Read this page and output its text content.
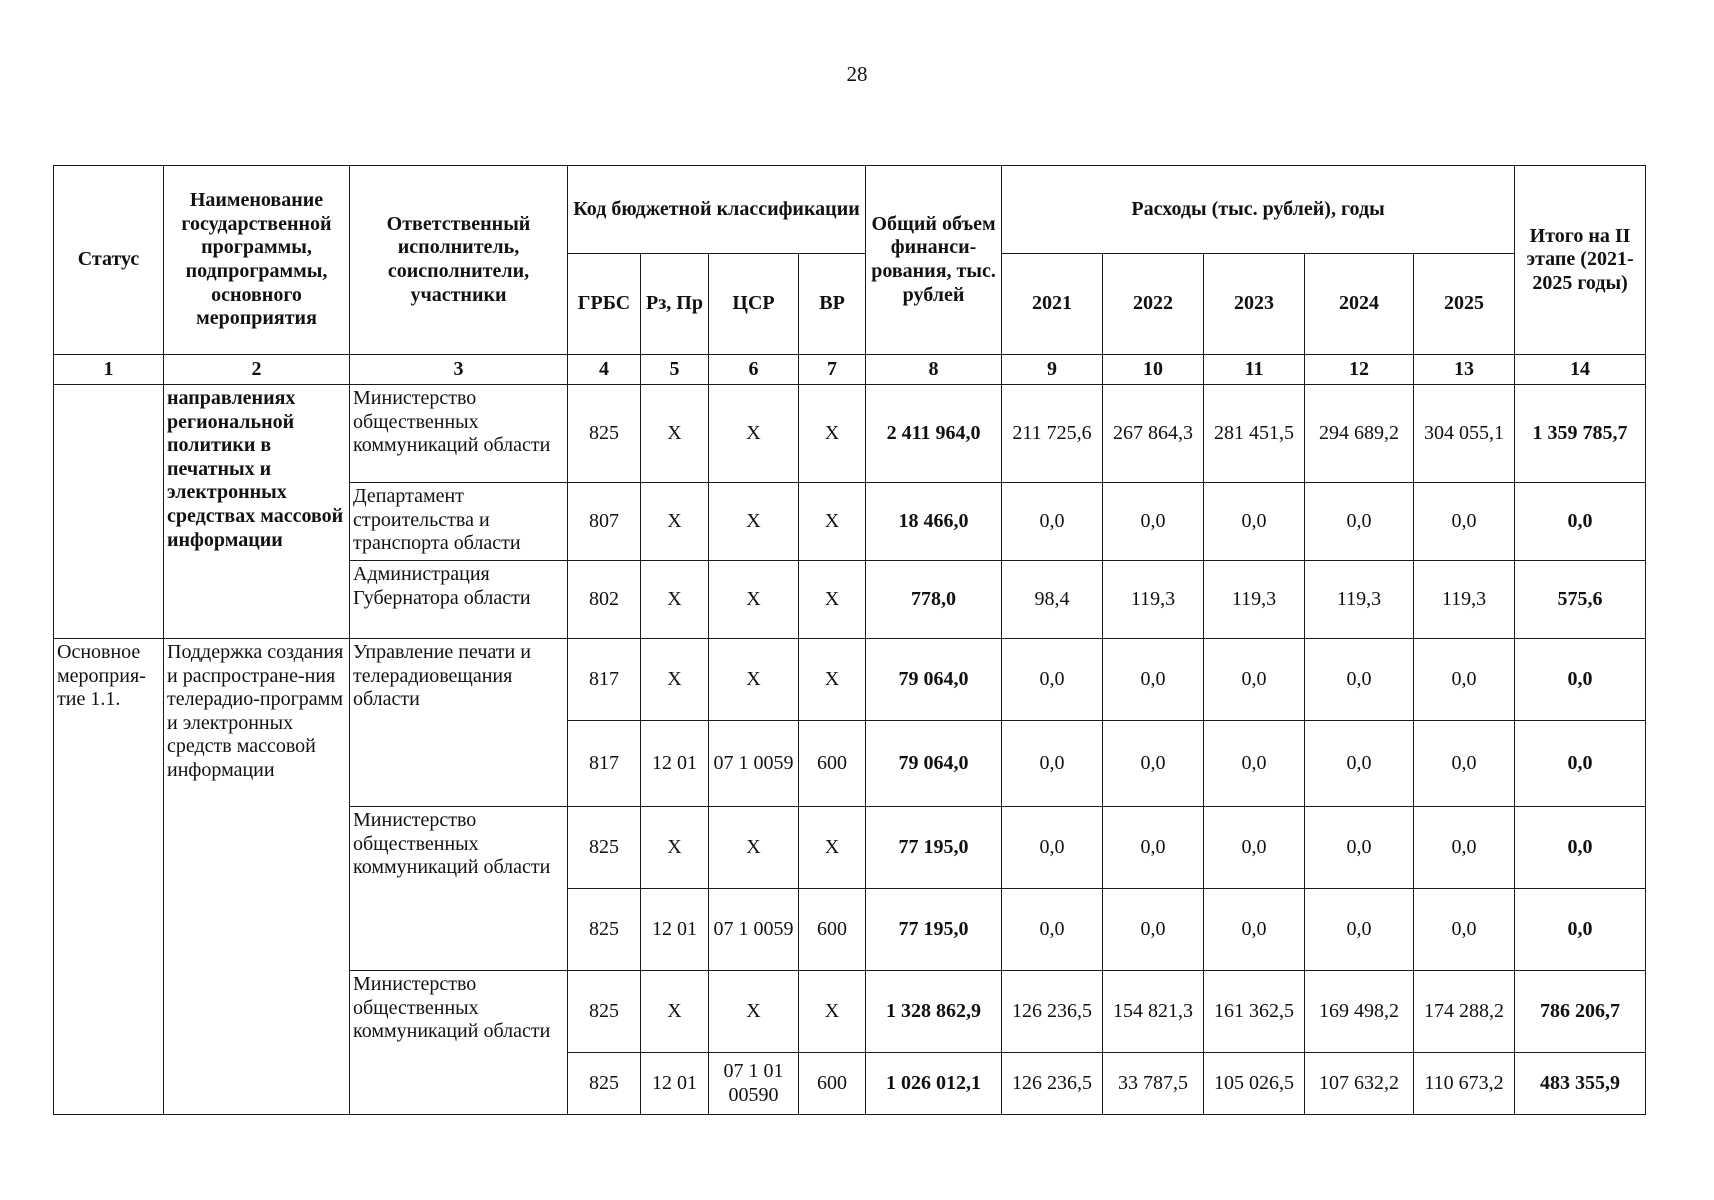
28
Статус	Наименование государственной программы, подпрограммы, основного мероприятия	Ответственный исполнитель, соисполнители, участники	Код бюджетной классификации				Общий объем финанси-рования, тыс. рублей	Расходы (тыс. рублей), годы					Итого на II этапе (2021-2025 годы)
			ГРБС	Рз, Пр	ЦСР	ВР		2021	2022	2023	2024	2025	
1	2	3	4	5	6	7	8	9	10	11	12	13	14
	направлениях региональной политики в печатных и электронных средствах массовой информации	Министерство общественных коммуникаций области	825	X	X	X	2 411 964,0	211 725,6	267 864,3	281 451,5	294 689,2	304 055,1	1 359 785,7
		Департамент строительства и транспорта области	807	X	X	X	18 466,0	0,0	0,0	0,0	0,0	0,0	0,0
		Администрация Губернатора области	802	X	X	X	778,0	98,4	119,3	119,3	119,3	119,3	575,6
Основное мероприя-тие 1.1.	Поддержка создания и распростране-ния телерадио-программ и электронных средств массовой информации	Управление печати и телерадиовещания области	817	X	X	X	79 064,0	0,0	0,0	0,0	0,0	0,0	0,0
			817	12 01	07 1 0059	600	79 064,0	0,0	0,0	0,0	0,0	0,0	0,0
		Министерство общественных коммуникаций области	825	X	X	X	77 195,0	0,0	0,0	0,0	0,0	0,0	0,0
			825	12 01	07 1 0059	600	77 195,0	0,0	0,0	0,0	0,0	0,0	0,0
		Министерство общественных коммуникаций области	825	X	X	X	1 328 862,9	126 236,5	154 821,3	161 362,5	169 498,2	174 288,2	786 206,7
			825	12 01	07 1 01 00590	600	1 026 012,1	126 236,5	33 787,5	105 026,5	107 632,2	110 673,2	483 355,9
